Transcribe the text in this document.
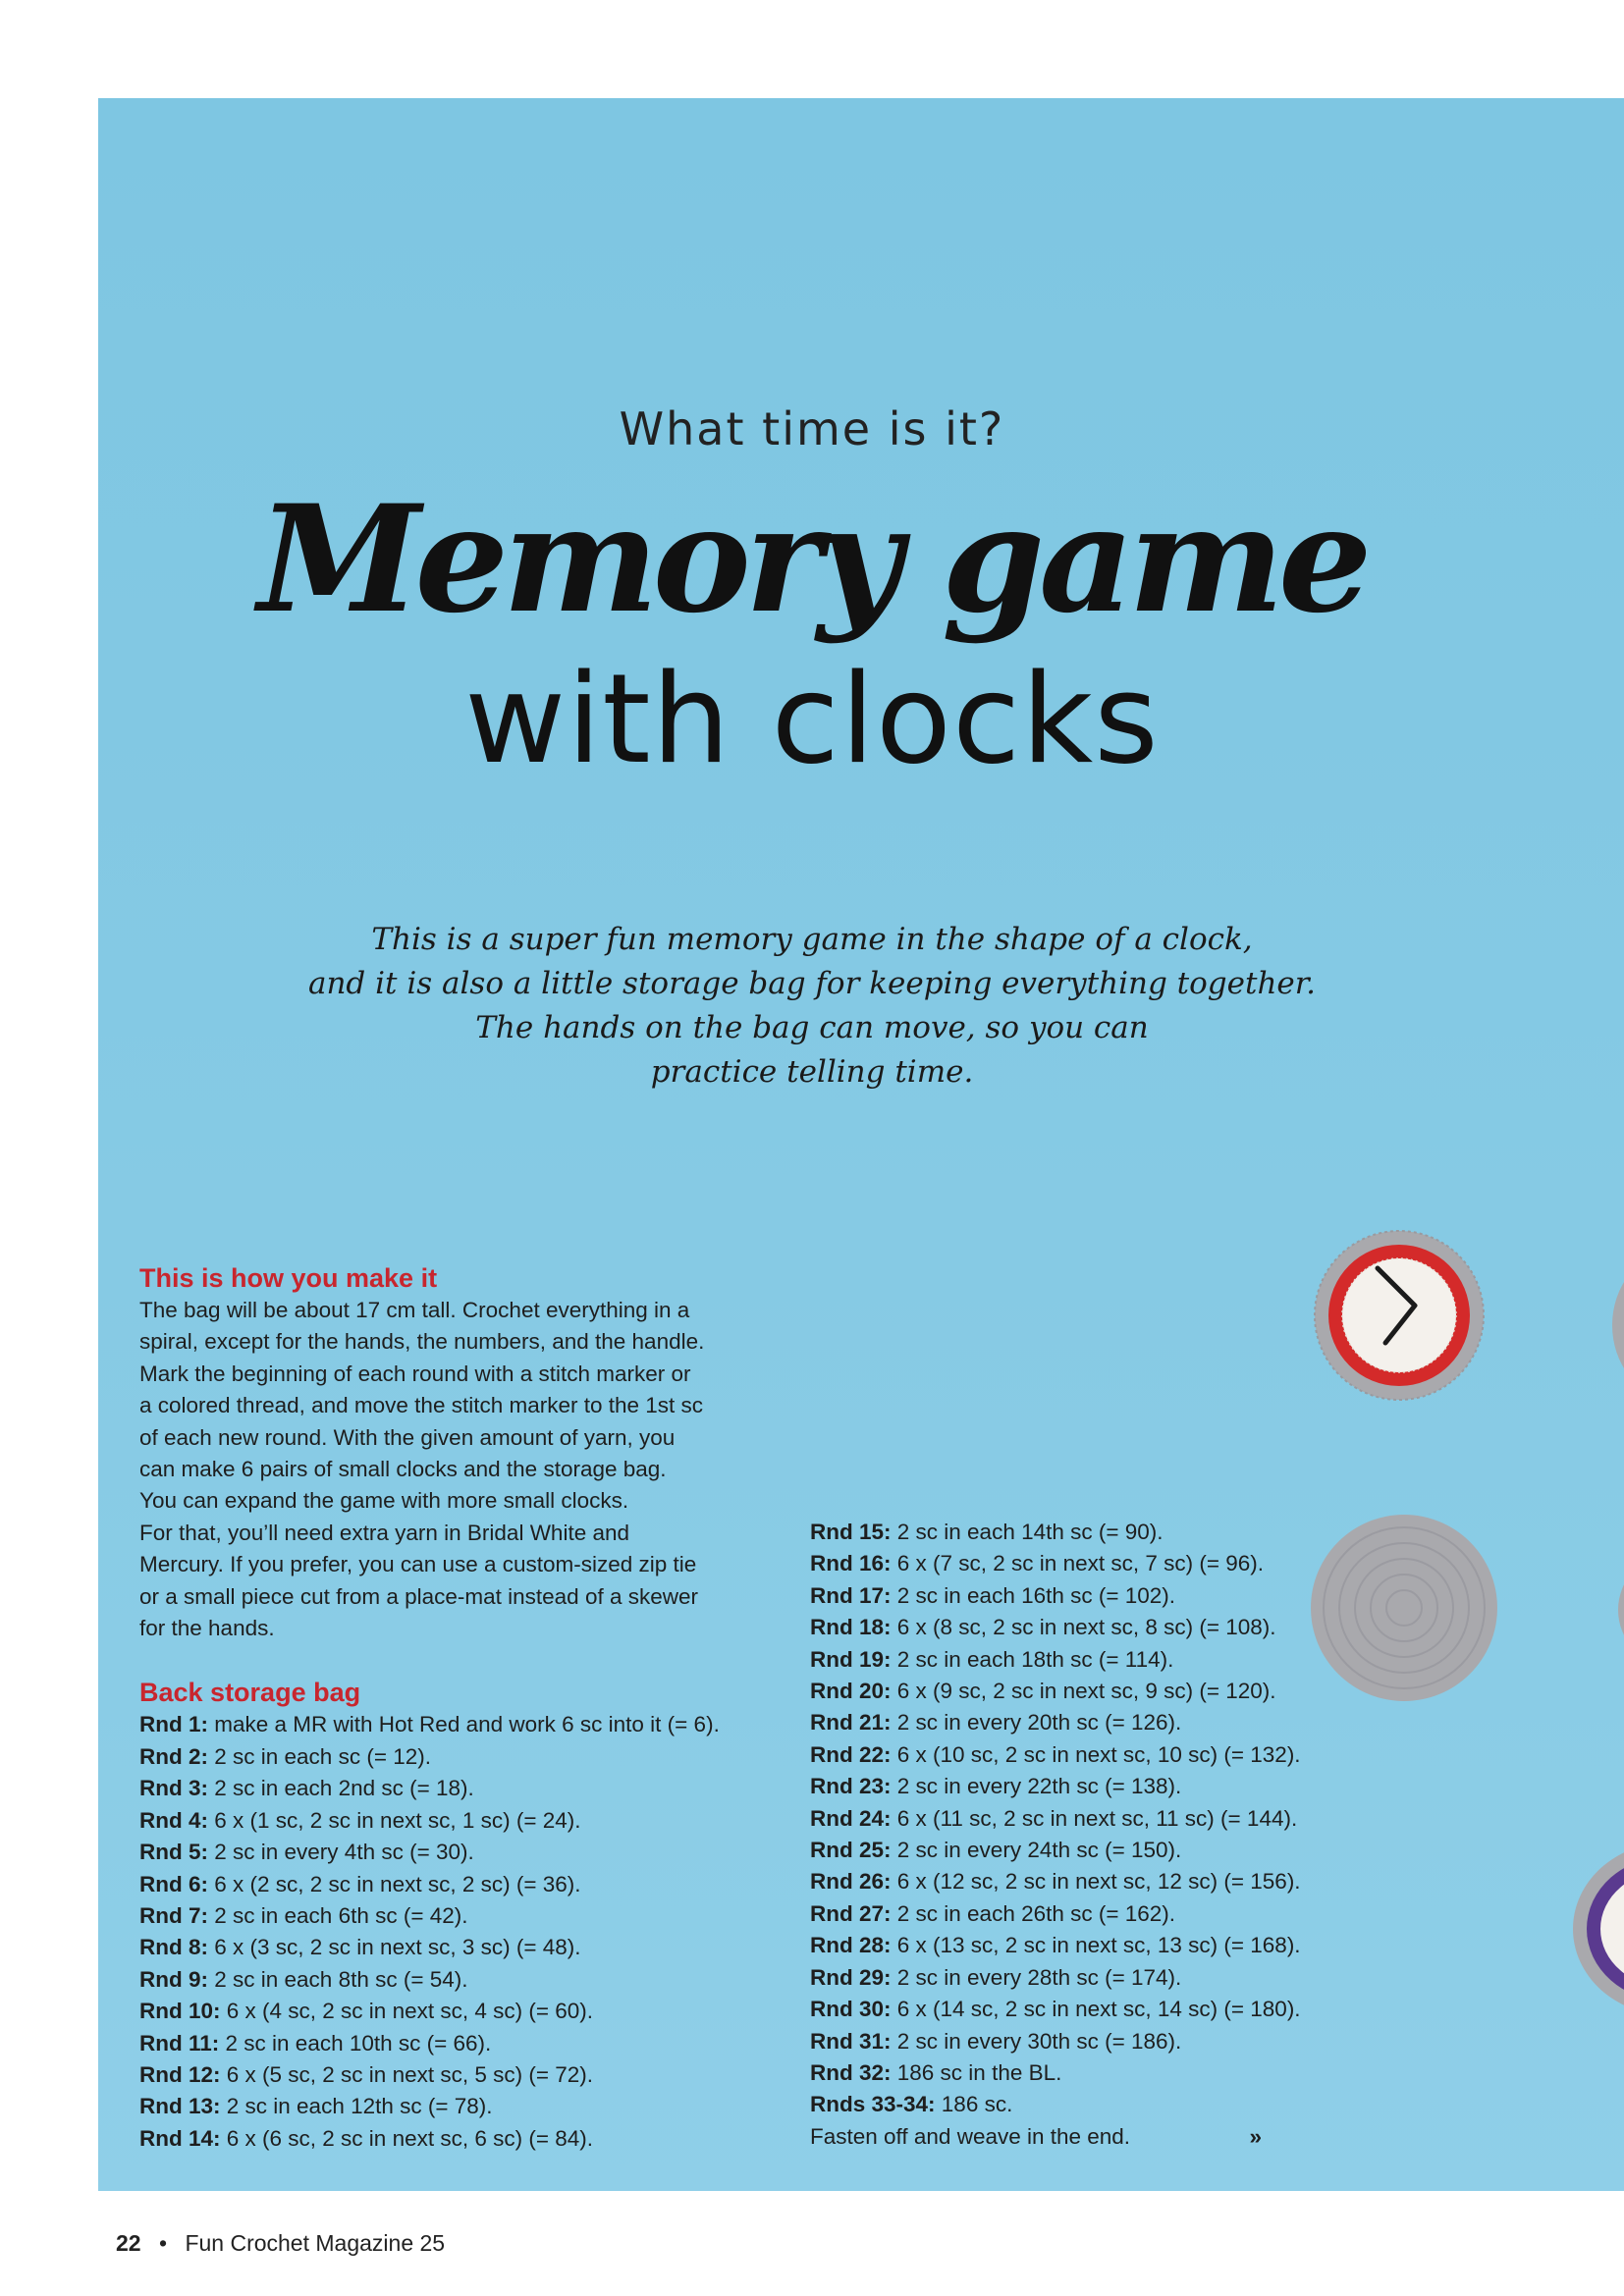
What time is it?
Memory game
with clocks
This is a super fun memory game in the shape of a clock,
and it is also a little storage bag for keeping everything together.
The hands on the bag can move, so you can
practice telling time.
This is how you make it
The bag will be about 17 cm tall. Crochet everything in a
spiral, except for the hands, the numbers, and the handle.
Mark the beginning of each round with a stitch marker or
a colored thread, and move the stitch marker to the 1st sc
of each new round. With the given amount of yarn, you
can make 6 pairs of small clocks and the storage bag.
You can expand the game with more small clocks.
For that, you’ll need extra yarn in Bridal White and
Mercury. If you prefer, you can use a custom-sized zip tie
or a small piece cut from a place-mat instead of a skewer
for the hands.
Back storage bag
Rnd 1: make a MR with Hot Red and work 6 sc into it (= 6).
Rnd 2: 2 sc in each sc (= 12).
Rnd 3: 2 sc in each 2nd sc (= 18).
Rnd 4: 6 x (1 sc, 2 sc in next sc, 1 sc) (= 24).
Rnd 5: 2 sc in every 4th sc (= 30).
Rnd 6: 6 x (2 sc, 2 sc in next sc, 2 sc) (= 36).
Rnd 7: 2 sc in each 6th sc (= 42).
Rnd 8: 6 x (3 sc, 2 sc in next sc, 3 sc) (= 48).
Rnd 9: 2 sc in each 8th sc (= 54).
Rnd 10: 6 x (4 sc, 2 sc in next sc, 4 sc) (= 60).
Rnd 11: 2 sc in each 10th sc (= 66).
Rnd 12: 6 x (5 sc, 2 sc in next sc, 5 sc) (= 72).
Rnd 13: 2 sc in each 12th sc (= 78).
Rnd 14: 6 x (6 sc, 2 sc in next sc, 6 sc) (= 84).
Rnd 15: 2 sc in each 14th sc (= 90).
Rnd 16: 6 x (7 sc, 2 sc in next sc, 7 sc) (= 96).
Rnd 17: 2 sc in each 16th sc (= 102).
Rnd 18: 6 x (8 sc, 2 sc in next sc, 8 sc) (= 108).
Rnd 19: 2 sc in each 18th sc (= 114).
Rnd 20: 6 x (9 sc, 2 sc in next sc, 9 sc) (= 120).
Rnd 21: 2 sc in every 20th sc (= 126).
Rnd 22: 6 x (10 sc, 2 sc in next sc, 10 sc) (= 132).
Rnd 23: 2 sc in every 22th sc (= 138).
Rnd 24: 6 x (11 sc, 2 sc in next sc, 11 sc) (= 144).
Rnd 25: 2 sc in every 24th sc (= 150).
Rnd 26: 6 x (12 sc, 2 sc in next sc, 12 sc) (= 156).
Rnd 27: 2 sc in each 26th sc (= 162).
Rnd 28: 6 x (13 sc, 2 sc in next sc, 13 sc) (= 168).
Rnd 29: 2 sc in every 28th sc (= 174).
Rnd 30: 6 x (14 sc, 2 sc in next sc, 14 sc) (= 180).
Rnd 31: 2 sc in every 30th sc (= 186).
Rnd 32: 186 sc in the BL.
Rnds 33-34: 186 sc.
Fasten off and weave in the end.	»
22 • Fun Crochet Magazine 25
